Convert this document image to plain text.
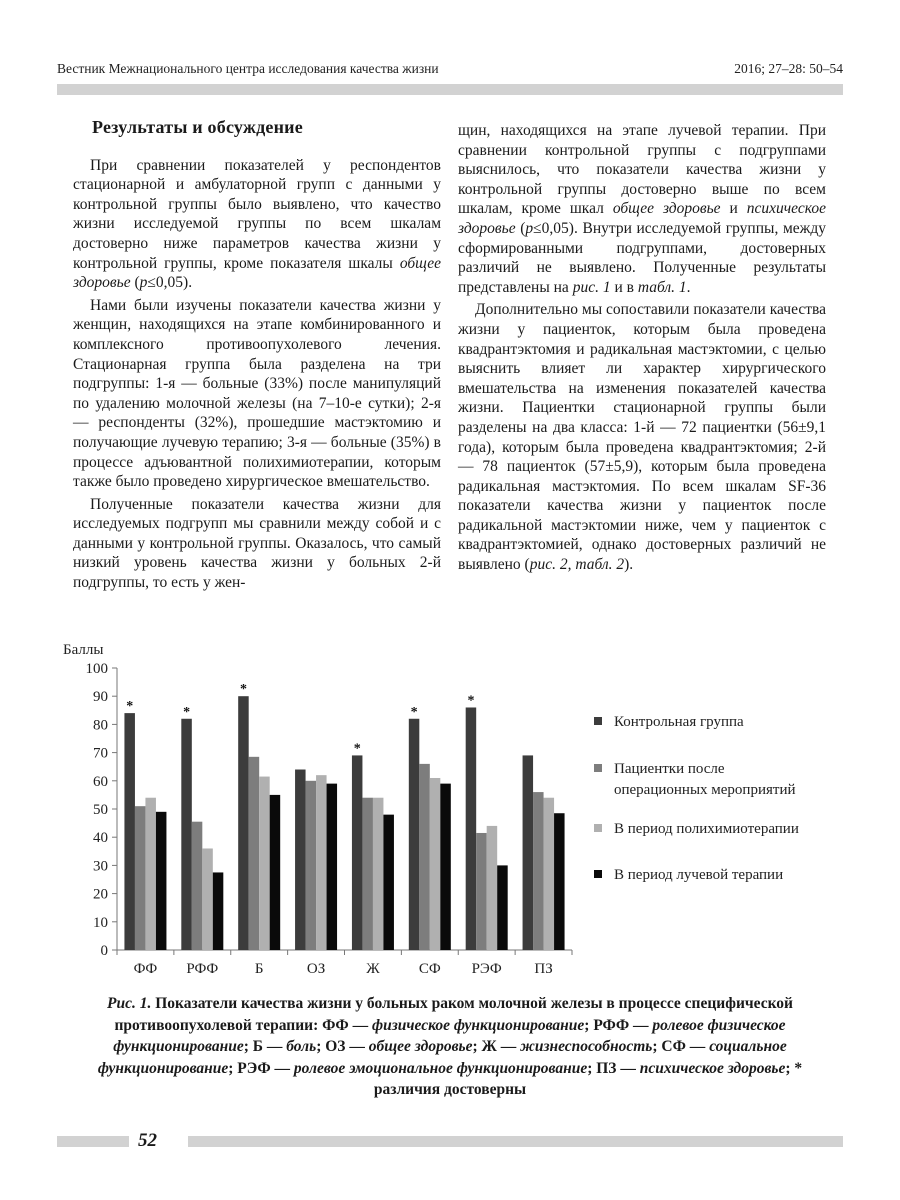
Вестник Межнационального центра исследования качества жизни	2016; 27–28: 50–54
Результаты и обсуждение

При сравнении показателей у респондентов стационарной и амбулаторной групп с данными у контрольной группы было выявлено, что качество жизни исследуемой группы по всем шкалам достоверно ниже параметров качества жизни у контрольной группы, кроме показателя шкалы общее здоровье (p≤0,05).

Нами были изучены показатели качества жизни у женщин, находящихся на этапе комбинированного и комплексного противоопухолевого лечения. Стационарная группа была разделена на три подгруппы: 1-я — больные (33%) после манипуляций по удалению молочной железы (на 7–10-е сутки); 2-я — респонденты (32%), прошедшие мастэктомию и получающие лучевую терапию; 3-я — больные (35%) в процессе адъювантной полихимиотерапии, которым также было проведено хирургическое вмешательство.

Полученные показатели качества жизни для исследуемых подгрупп мы сравнили между собой и с данными у контрольной группы. Оказалось, что самый низкий уровень качества жизни у больных 2-й подгруппы, то есть у жен-

щин, находящихся на этапе лучевой терапии. При сравнении контрольной группы с подгруппами выяснилось, что показатели качества жизни у контрольной группы достоверно выше по всем шкалам, кроме шкал общее здоровье и психическое здоровье (p≤0,05). Внутри исследуемой группы, между сформированными подгруппами, достоверных различий не выявлено. Полученные результаты представлены на рис. 1 и в табл. 1.

Дополнительно мы сопоставили показатели качества жизни у пациенток, которым была проведена квадрантэктомия и радикальная мастэктомии, с целью выяснить влияет ли характер хирургического вмешательства на изменения показателей качества жизни. Пациентки стационарной группы были разделены на два класса: 1-й — 72 пациентки (56±9,1 года), которым была проведена квадрантэктомия; 2-й — 78 пациенток (57±5,9), которым была проведена радикальная мастэктомия. По всем шкалам SF-36 показатели качества жизни у пациенток после радикальной мастэктомии ниже, чем у пациенток с квадрантэктомией, однако достоверных различий не выявлено (рис. 2, табл. 2).

Баллы
0
10
20
30
40
50
60
70
80
90
100
*
ФФ
*
РФФ
*
Б	ОЗ
*
Ж
*
СФ
*
РЭФ ПЗ
Контрольная группа
Пациентки после операционных мероприятий
В период полихимиотерапии
В период лучевой терапии
Рис. 1. Показатели качества жизни у больных раком молочной железы в процессе специфической противоопухолевой терапии: ФФ — физическое функционирование; РФФ — ролевое физическое функционирование; Б — боль; ОЗ — общее здоровье; Ж — жизнеспособность; СФ — социальное функционирование; РЭФ — ролевое эмоциональное функционирование; ПЗ — психическое здоровье; * различия достоверны
52
